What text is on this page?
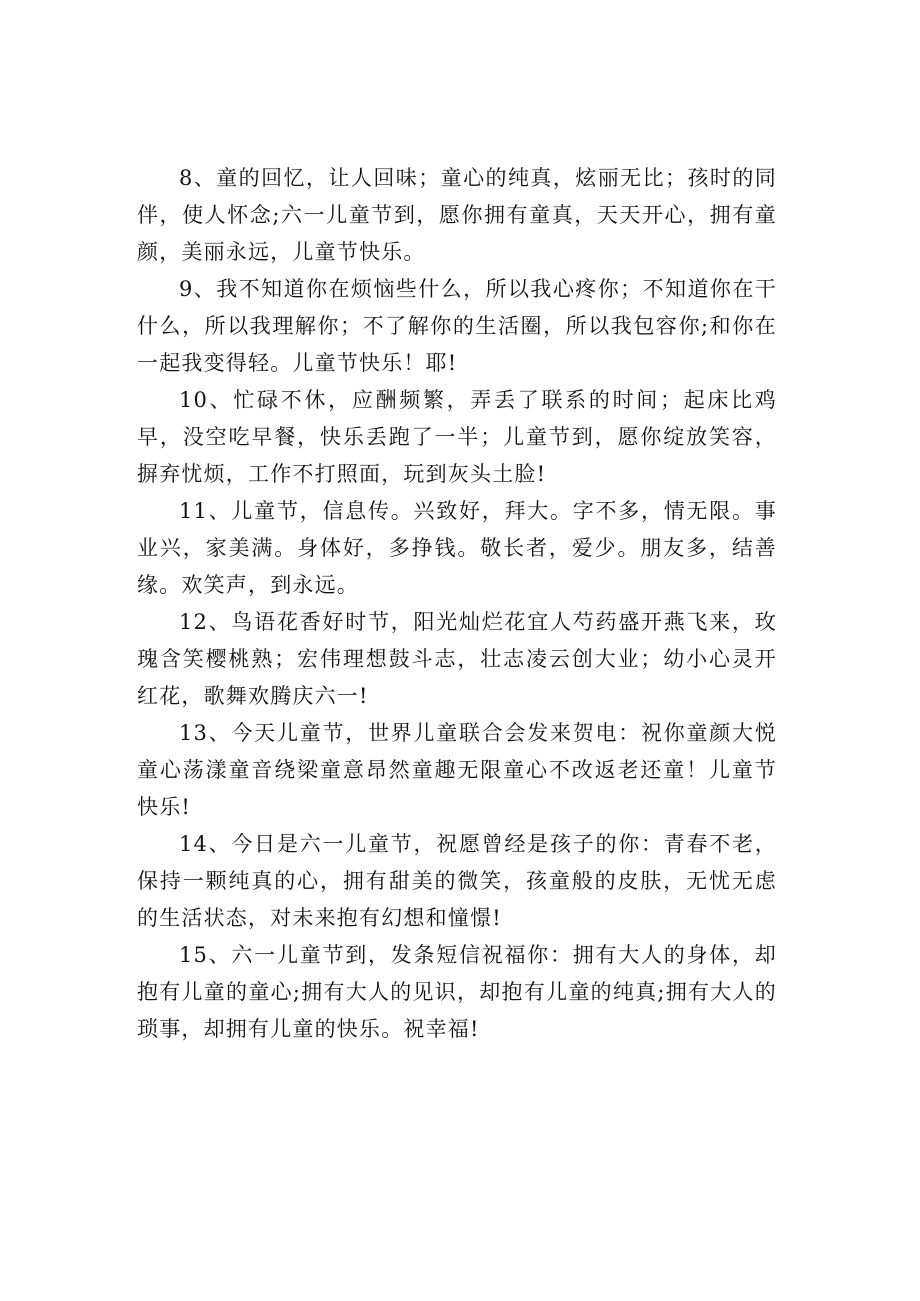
8、童的回忆，让人回味；童心的纯真，炫丽无比；孩时的同伴，使人怀念;六一儿童节到，愿你拥有童真，天天开心，拥有童颜，美丽永远，儿童节快乐。

9、我不知道你在烦恼些什么，所以我心疼你；不知道你在干什么，所以我理解你；不了解你的生活圈，所以我包容你;和你在一起我变得轻。儿童节快乐！耶!

10、忙碌不休，应酬频繁，弄丢了联系的时间；起床比鸡早，没空吃早餐，快乐丢跑了一半；儿童节到，愿你绽放笑容，摒弃忧烦，工作不打照面，玩到灰头土脸!

11、儿童节，信息传。兴致好，拜大。字不多，情无限。事业兴，家美满。身体好，多挣钱。敬长者，爱少。朋友多，结善缘。欢笑声，到永远。

12、鸟语花香好时节，阳光灿烂花宜人芍药盛开燕飞来，玫瑰含笑樱桃熟；宏伟理想鼓斗志，壮志凌云创大业；幼小心灵开红花，歌舞欢腾庆六一!

13、今天儿童节，世界儿童联合会发来贺电：祝你童颜大悦童心荡漾童音绕梁童意昂然童趣无限童心不改返老还童！儿童节快乐!

14、今日是六一儿童节，祝愿曾经是孩子的你：青春不老，保持一颗纯真的心，拥有甜美的微笑，孩童般的皮肤，无忧无虑的生活状态，对未来抱有幻想和憧憬!

15、六一儿童节到，发条短信祝福你：拥有大人的身体，却抱有儿童的童心;拥有大人的见识，却抱有儿童的纯真;拥有大人的琐事，却拥有儿童的快乐。祝幸福!
